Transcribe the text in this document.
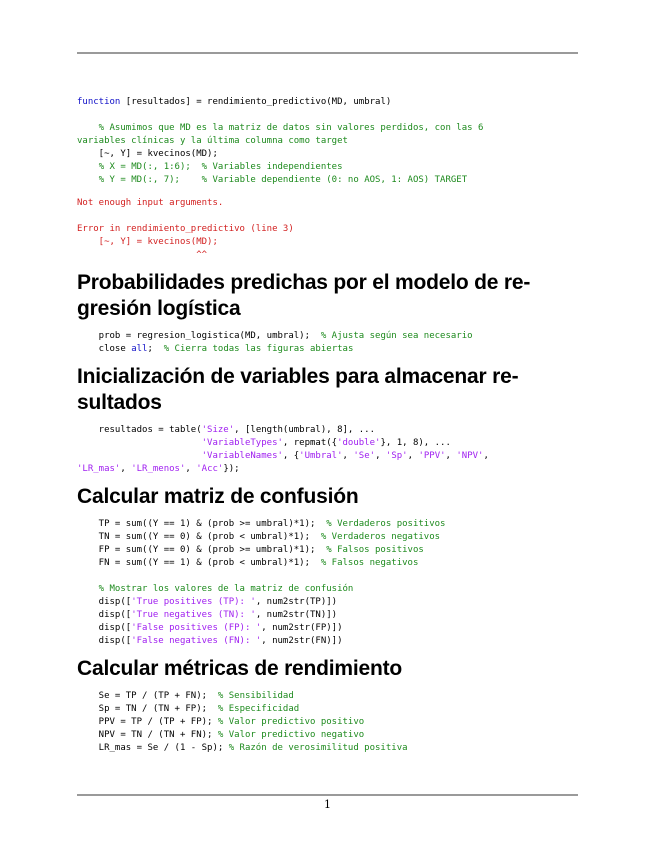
function [resultados] = rendimiento_predictivo(MD, umbral)

% Asumimos que MD es la matriz de datos sin valores perdidos, con las 6
variables clínicas y la última columna como target
[~, Y] = kvecinos(MD);
% X = MD(:, 1:6);  % Variables independientes
% Y = MD(:, 7);    % Variable dependiente (0: no AOS, 1: AOS) TARGET
Not enough input arguments.

Error in rendimiento_predictivo (line 3)
[~, Y] = kvecinos(MD);
^^
Probabilidades predichas por el modelo de re-
gresión logística
prob = regresion_logistica(MD, umbral);  % Ajusta según sea necesario
close all;  % Cierra todas las figuras abiertas
Inicialización de variables para almacenar re-
sultados
resultados = table('Size', [length(umbral), 8], ...
'VariableTypes', repmat({'double'}, 1, 8), ...
'VariableNames', {'Umbral', 'Se', 'Sp', 'PPV', 'NPV',
'LR_mas', 'LR_menos', 'Acc'});
Calcular matriz de confusión
TP = sum((Y == 1) & (prob >= umbral)*1);  % Verdaderos positivos
TN = sum((Y == 0) & (prob < umbral)*1);  % Verdaderos negativos
FP = sum((Y == 0) & (prob >= umbral)*1);  % Falsos positivos
FN = sum((Y == 1) & (prob < umbral)*1);  % Falsos negativos

% Mostrar los valores de la matriz de confusión
disp(['True positives (TP): ', num2str(TP)])
disp(['True negatives (TN): ', num2str(TN)])
disp(['False positives (FP): ', num2str(FP)])
disp(['False negatives (FN): ', num2str(FN)])
Calcular métricas de rendimiento
Se = TP / (TP + FN);  % Sensibilidad
Sp = TN / (TN + FP);  % Especificidad
PPV = TP / (TP + FP); % Valor predictivo positivo
NPV = TN / (TN + FN); % Valor predictivo negativo
LR_mas = Se / (1 - Sp); % Razón de verosimilitud positiva
1
